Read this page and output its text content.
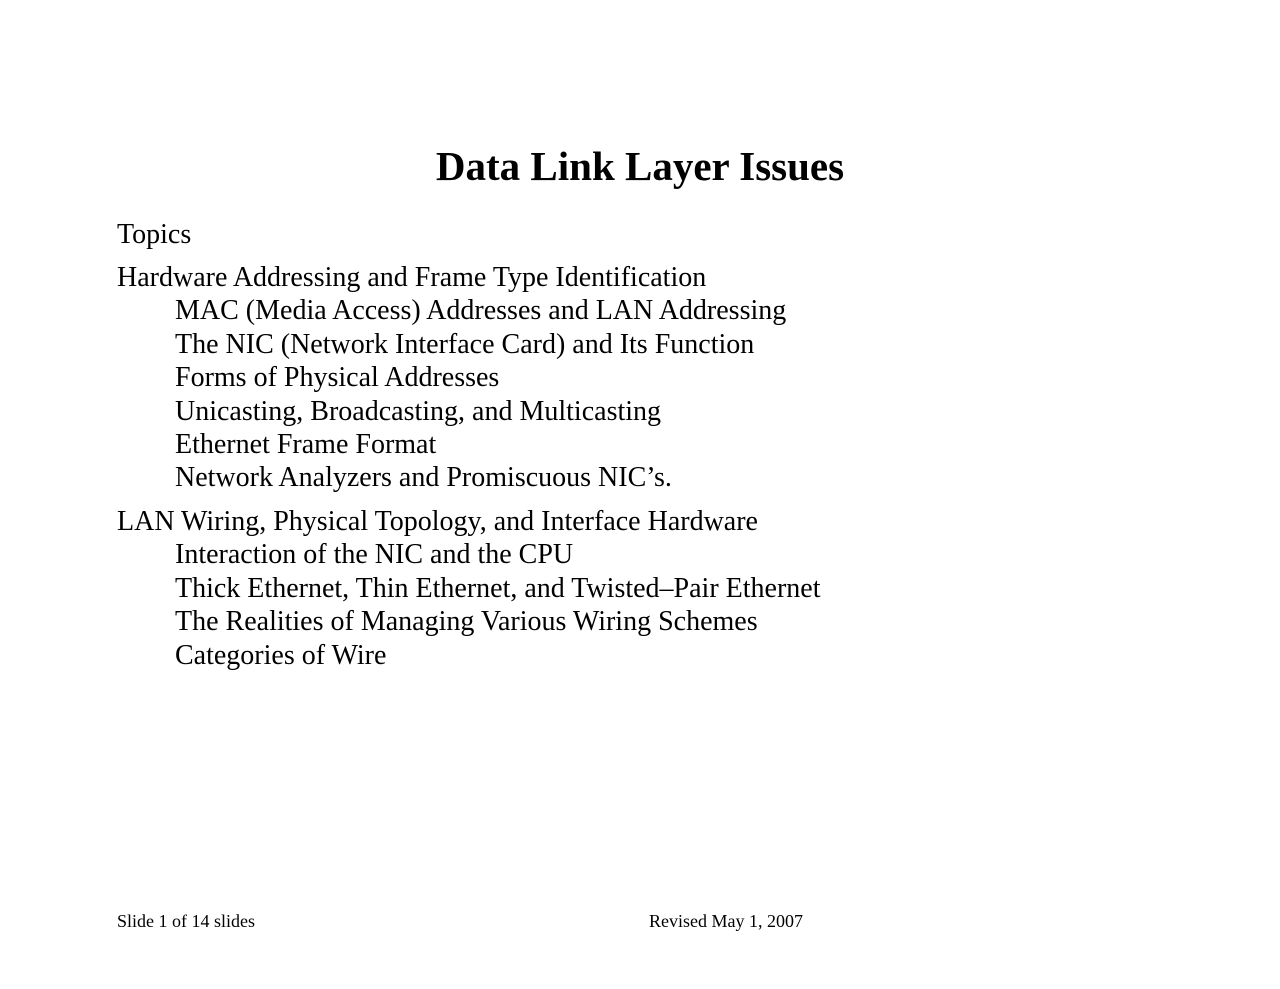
Data Link Layer Issues

Topics

Hardware Addressing and Frame Type Identification
MAC (Media Access) Addresses and LAN Addressing
The NIC (Network Interface Card) and Its Function
Forms of Physical Addresses
Unicasting, Broadcasting, and Multicasting
Ethernet Frame Format
Network Analyzers and Promiscuous NIC’s.
LAN Wiring, Physical Topology, and Interface Hardware
Interaction of the NIC and the CPU
Thick Ethernet, Thin Ethernet, and Twisted–Pair Ethernet
The Realities of Managing Various Wiring Schemes
Categories of Wire
Slide 1 of 14 slides	Revised May 1, 2007
